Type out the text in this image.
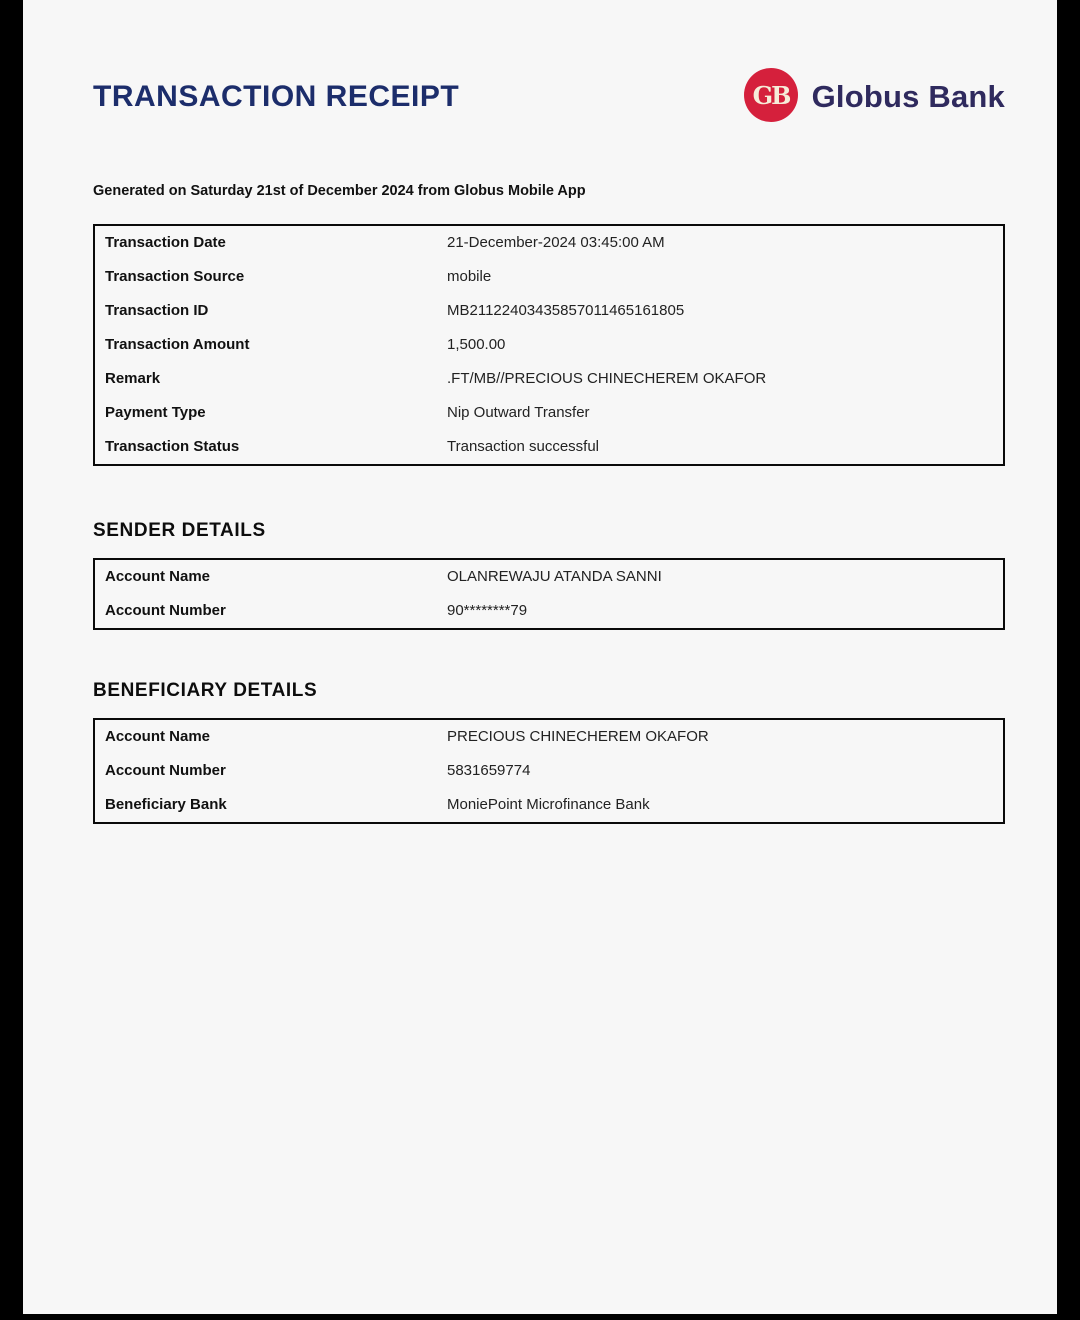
TRANSACTION RECEIPT	GB Globus Bank
Generated on Saturday 21st of December 2024 from Globus Mobile App
Transaction Date	21-December-2024 03:45:00 AM
Transaction Source	mobile
Transaction ID	MB21122403435857011465161805
Transaction Amount	1,500.00
Remark	.FT/MB//PRECIOUS CHINECHEREM OKAFOR
Payment Type	Nip Outward Transfer
Transaction Status	Transaction successful
SENDER DETAILS
Account Name	OLANREWAJU ATANDA SANNI
Account Number	90********79
BENEFICIARY DETAILS
Account Name	PRECIOUS CHINECHEREM OKAFOR
Account Number	5831659774
Beneficiary Bank	MoniePoint Microfinance Bank
